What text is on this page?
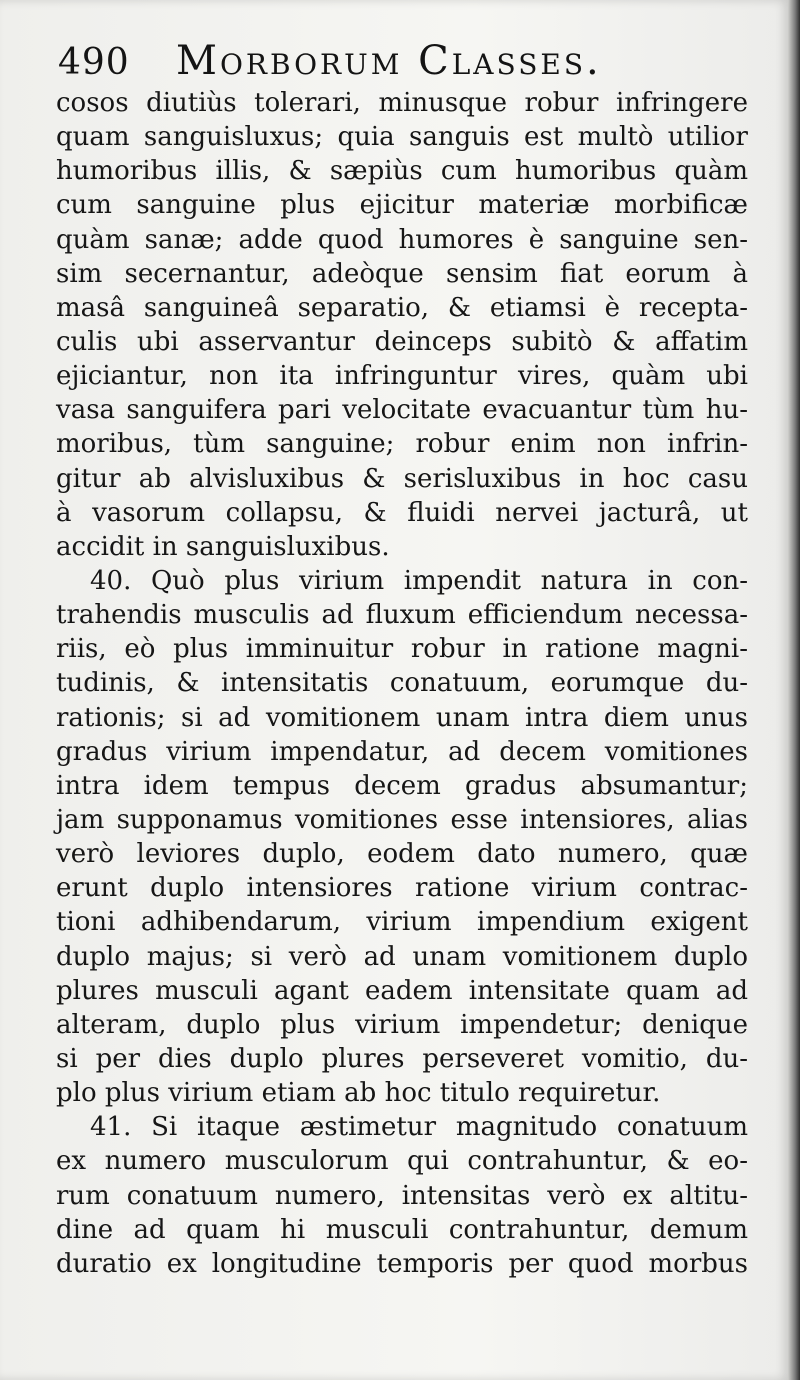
490 Morborum Classes.
cosos diutiùs tolerari, minusque robur infringere
quam sanguisluxus; quia sanguis est multò utilior
humoribus illis, & sæpiùs cum humoribus quàm
cum sanguine plus ejicitur materiæ morbificæ
quàm sanæ; adde quod humores è sanguine sen-
sim secernantur, adeòque sensim fiat eorum à
masâ sanguineâ separatio, & etiamsi è recepta-
culis ubi asservantur deinceps subitò & affatim
ejiciantur, non ita infringuntur vires, quàm ubi
vasa sanguifera pari velocitate evacuantur tùm hu-
moribus, tùm sanguine; robur enim non infrin-
gitur ab alvisluxibus & serisluxibus in hoc casu
à vasorum collapsu, & fluidi nervei jacturâ, ut
accidit in sanguisluxibus.
40. Quò plus virium impendit natura in con-
trahendis musculis ad fluxum efficiendum necessa-
riis, eò plus imminuitur robur in ratione magni-
tudinis, & intensitatis conatuum, eorumque du-
rationis; si ad vomitionem unam intra diem unus
gradus virium impendatur, ad decem vomitiones
intra idem tempus decem gradus absumantur;
jam supponamus vomitiones esse intensiores, alias
verò leviores duplo, eodem dato numero, quæ
erunt duplo intensiores ratione virium contrac-
tioni adhibendarum, virium impendium exigent
duplo majus; si verò ad unam vomitionem duplo
plures musculi agant eadem intensitate quam ad
alteram, duplo plus virium impendetur; denique
si per dies duplo plures perseveret vomitio, du-
plo plus virium etiam ab hoc titulo requiretur.
41. Si itaque æstimetur magnitudo conatuum
ex numero musculorum qui contrahuntur, & eo-
rum conatuum numero, intensitas verò ex altitu-
dine ad quam hi musculi contrahuntur, demum
duratio ex longitudine temporis per quod morbus
